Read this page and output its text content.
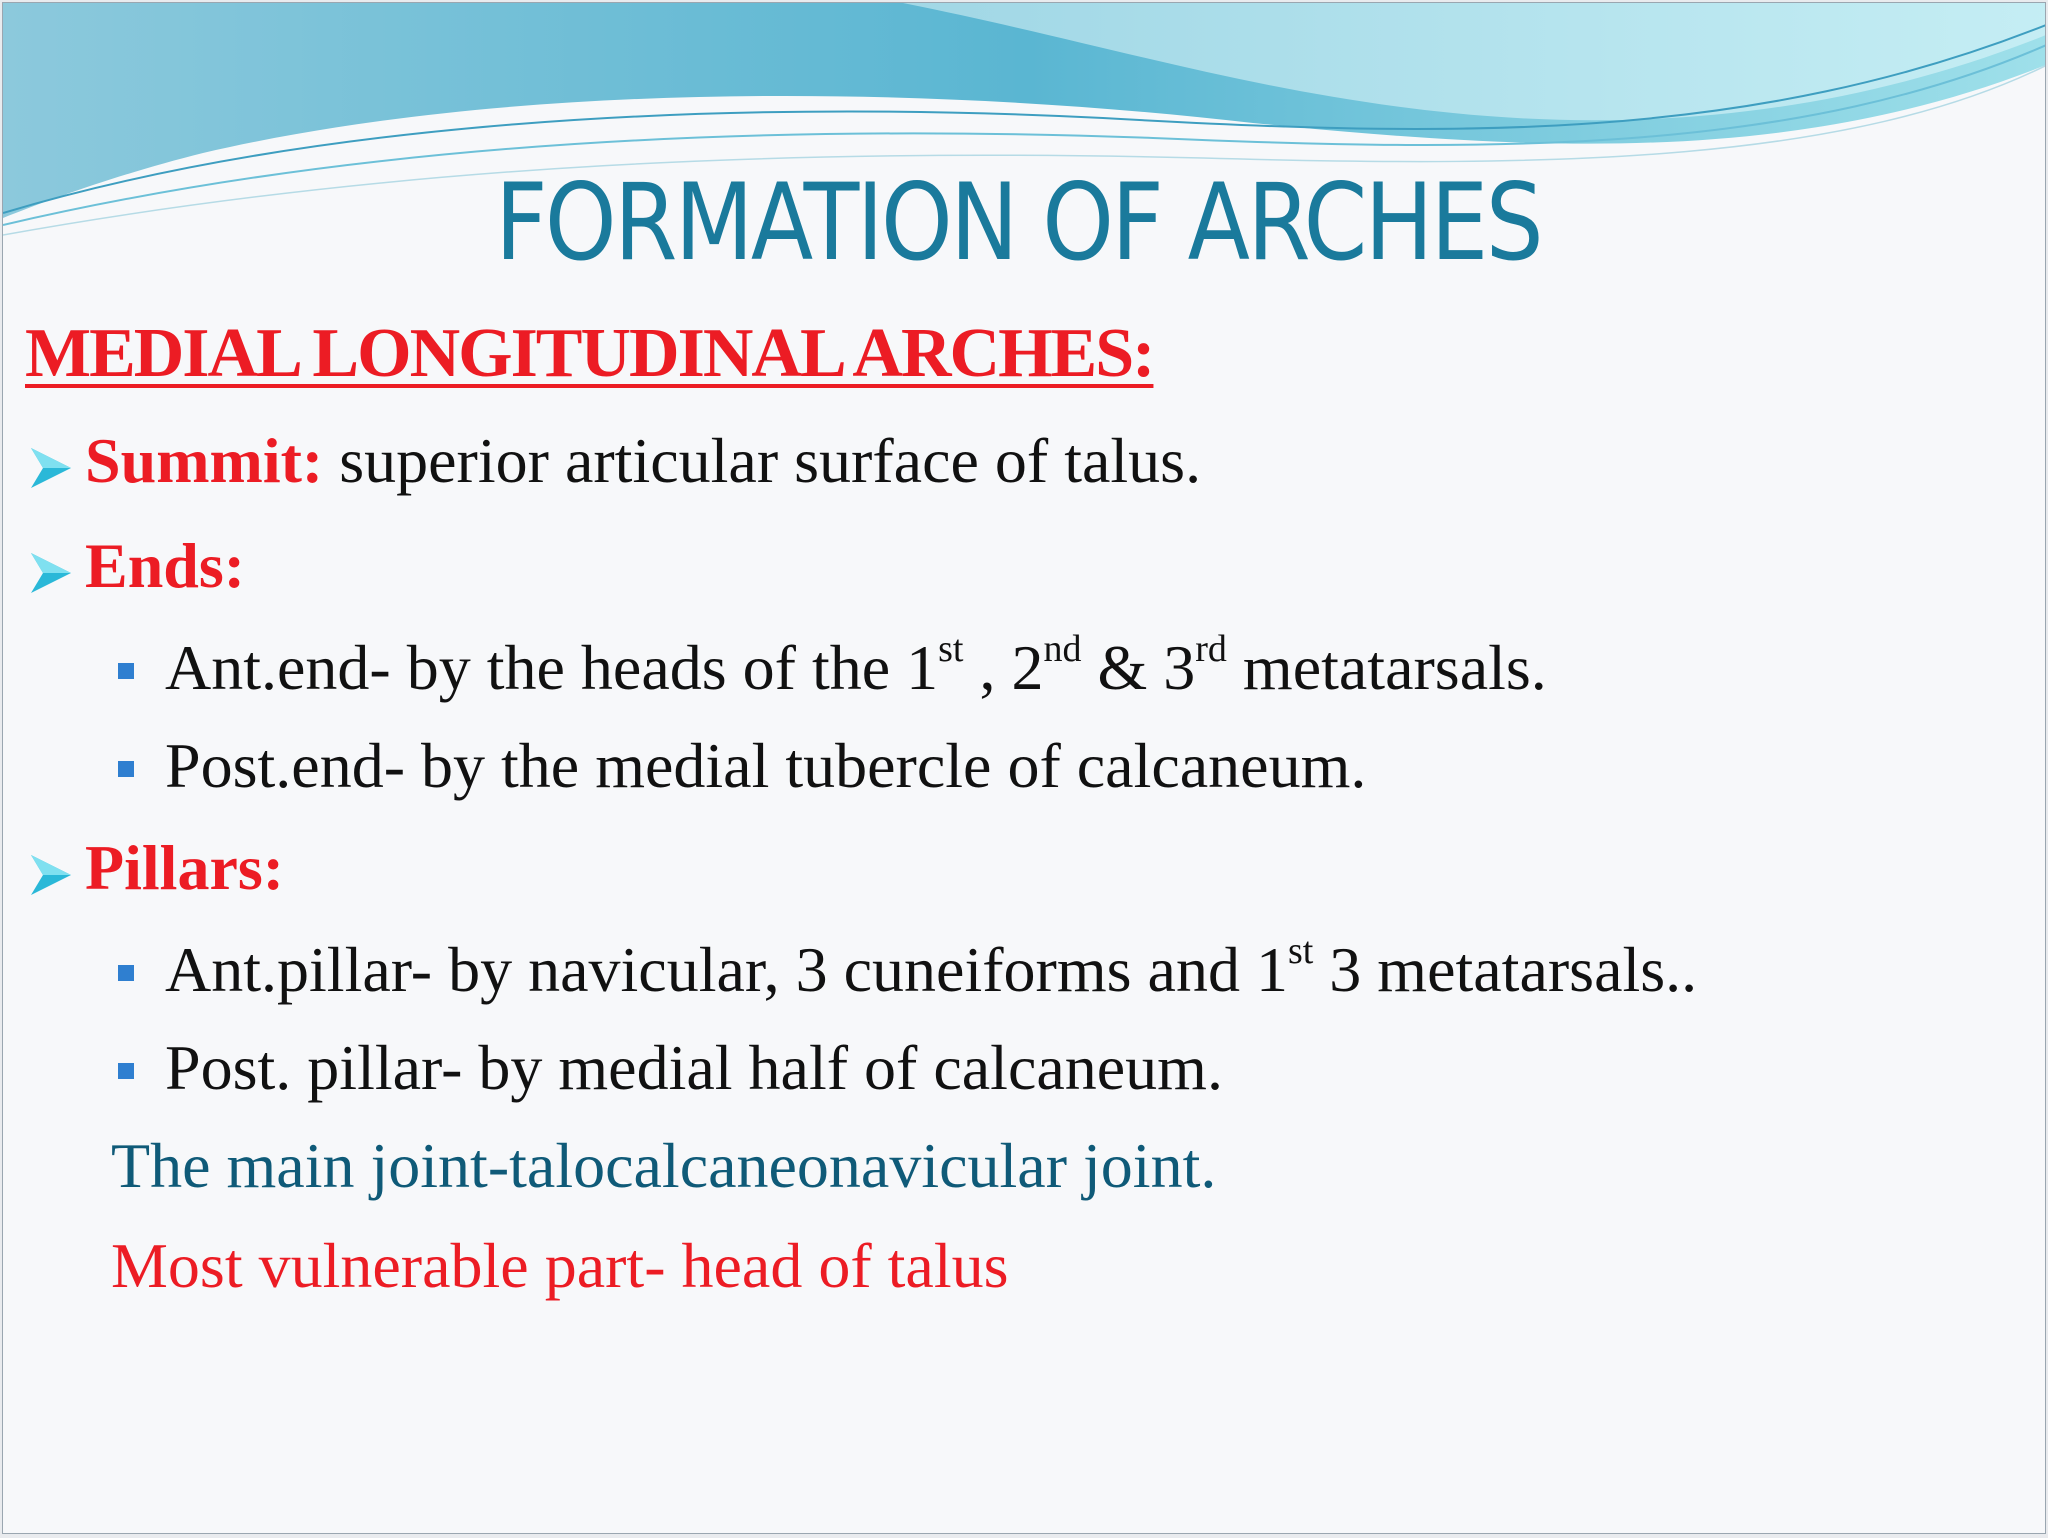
FORMATION OF ARCHES
MEDIAL LONGITUDINAL ARCHES:
Summit: superior articular surface of talus.
Ends:
Ant.end- by the heads of the 1st , 2nd & 3rd metatarsals.
Post.end- by the medial tubercle of calcaneum.
Pillars:
Ant.pillar- by navicular, 3 cuneiforms and 1st 3 metatarsals..
Post. pillar- by medial half of calcaneum.
The main joint-talocalcaneonavicular joint.
Most vulnerable part- head of talus
